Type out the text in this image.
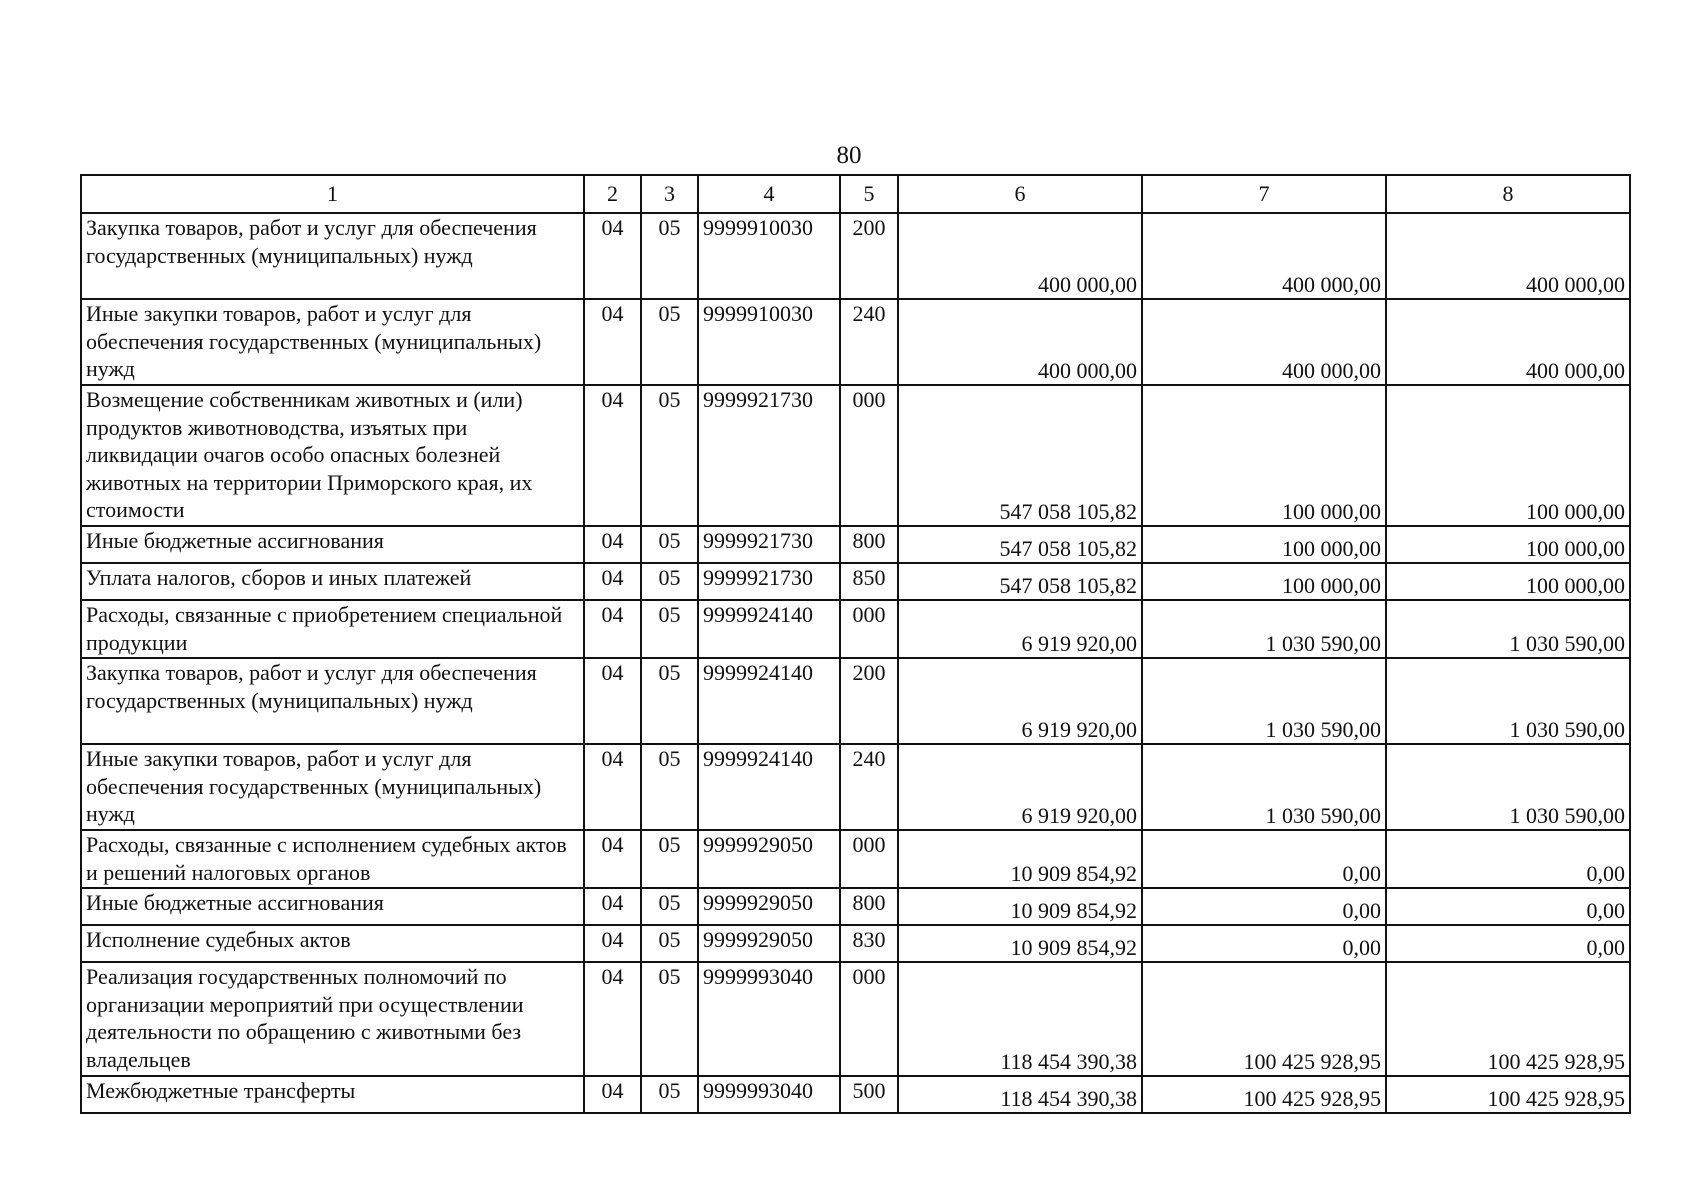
80
1	2	3	4	5	6	7	8
Закупка товаров, работ и услуг для обеспечения государственных (муниципальных) нужд	04	05	9999910030	200	400 000,00	400 000,00	400 000,00
Иные закупки товаров, работ и услуг для обеспечения государственных (муниципальных) нужд	04	05	9999910030	240	400 000,00	400 000,00	400 000,00
Возмещение собственникам животных и (или) продуктов животноводства, изъятых при ликвидации очагов особо опасных болезней животных на территории Приморского края, их стоимости	04	05	9999921730	000	547 058 105,82	100 000,00	100 000,00
Иные бюджетные ассигнования	04	05	9999921730	800	547 058 105,82	100 000,00	100 000,00
Уплата налогов, сборов и иных платежей	04	05	9999921730	850	547 058 105,82	100 000,00	100 000,00
Расходы, связанные с приобретением специальной продукции	04	05	9999924140	000	6 919 920,00	1 030 590,00	1 030 590,00
Закупка товаров, работ и услуг для обеспечения государственных (муниципальных) нужд	04	05	9999924140	200	6 919 920,00	1 030 590,00	1 030 590,00
Иные закупки товаров, работ и услуг для обеспечения государственных (муниципальных) нужд	04	05	9999924140	240	6 919 920,00	1 030 590,00	1 030 590,00
Расходы, связанные с исполнением судебных актов и решений налоговых органов	04	05	9999929050	000	10 909 854,92	0,00	0,00
Иные бюджетные ассигнования	04	05	9999929050	800	10 909 854,92	0,00	0,00
Исполнение судебных актов	04	05	9999929050	830	10 909 854,92	0,00	0,00
Реализация государственных полномочий по организации мероприятий при осуществлении деятельности по обращению с животными без владельцев	04	05	9999993040	000	118 454 390,38	100 425 928,95	100 425 928,95
Межбюджетные трансферты	04	05	9999993040	500	118 454 390,38	100 425 928,95	100 425 928,95
